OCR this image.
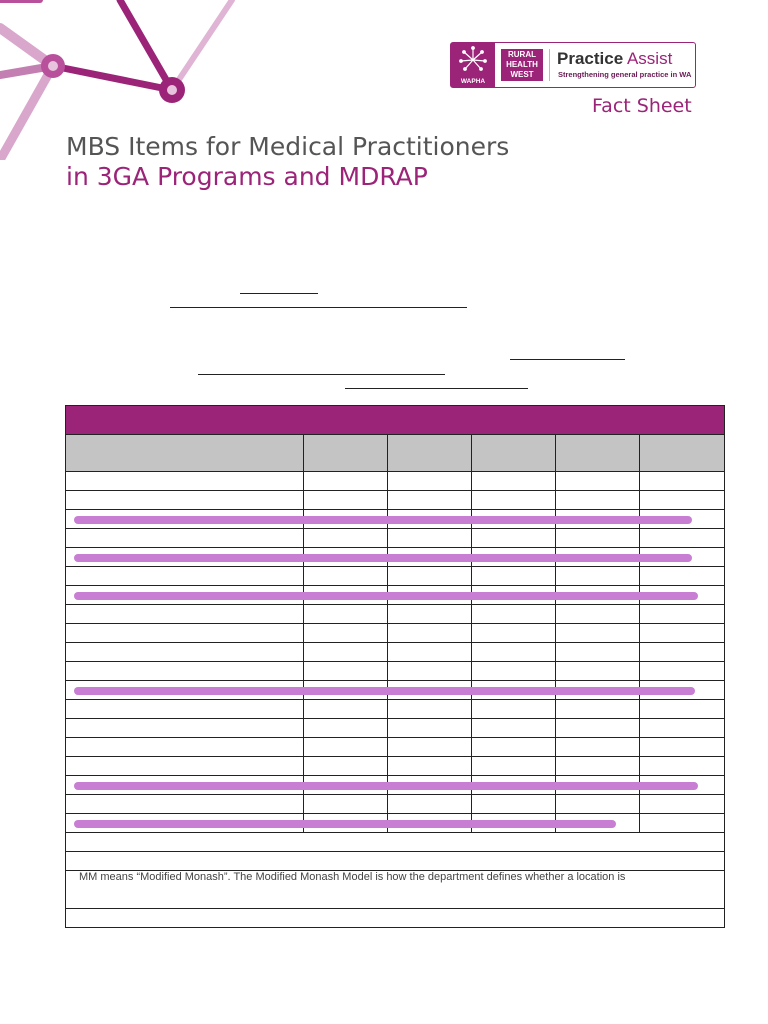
WAPHA
RURAL
HEALTH
WEST
Practice Assist
Strengthening general practice in WA
Fact Sheet
MBS Items for Medical Practitioners
in 3GA Programs and MDRAP

MM means “Modified Monash”. The Modified Monash Model is how the department defines whether a location is					
